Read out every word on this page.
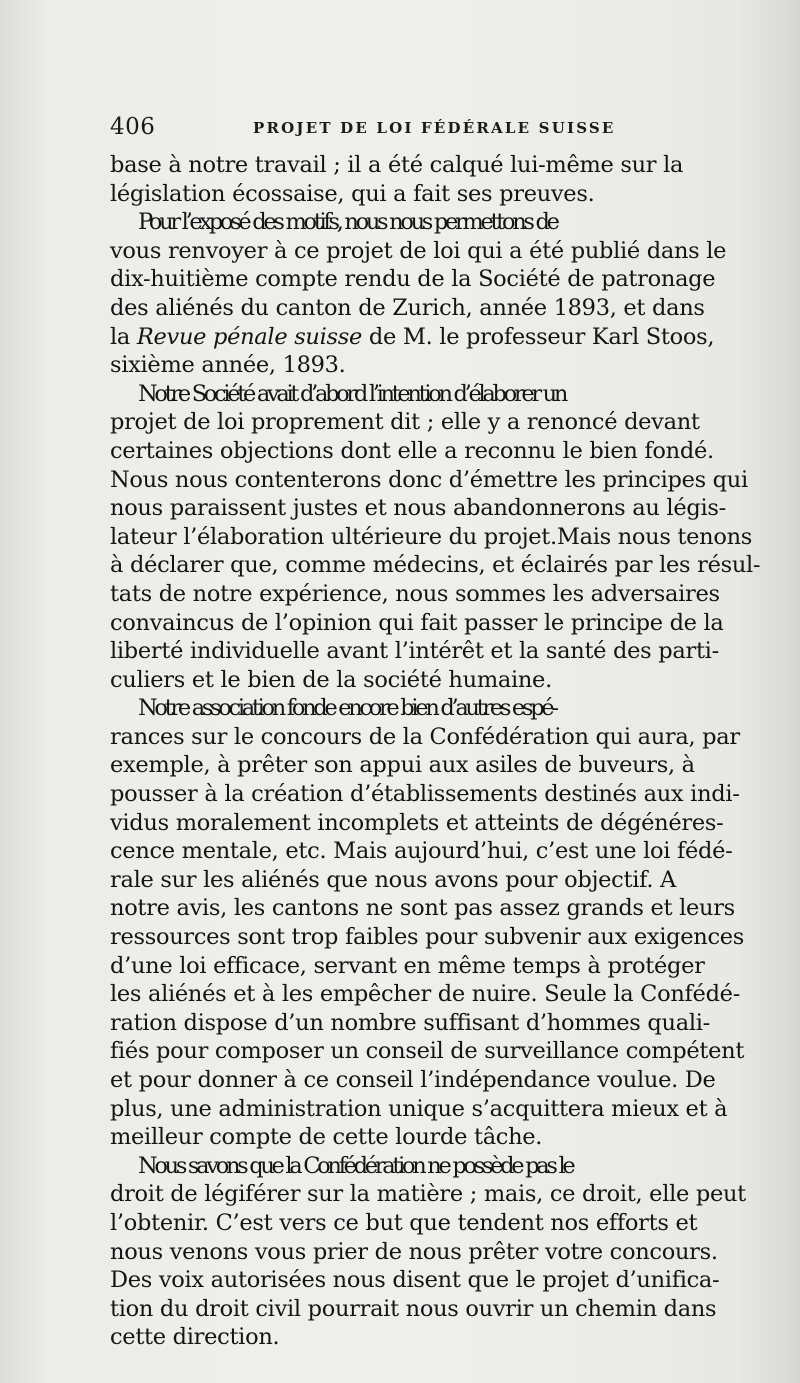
406	PROJET DE LOI FÉDÉRALE SUISSE

base à notre travail ; il a été calqué lui-même sur la
législation écossaise, qui a fait ses preuves.

Pour l’exposé des motifs, nous nous permettons de
vous renvoyer à ce projet de loi qui a été publié dans le
dix-huitième compte rendu de la Société de patronage
des aliénés du canton de Zurich, année 1893, et dans
la Revue pénale suisse de M. le professeur Karl Stoos,
sixième année, 1893.

Notre Société avait d’abord l’intention d’élaborer un
projet de loi proprement dit ; elle y a renoncé devant
certaines objections dont elle a reconnu le bien fondé.
Nous nous contenterons donc d’émettre les principes qui
nous paraissent justes et nous abandonnerons au légis-
lateur l’élaboration ultérieure du projet.Mais nous tenons
à déclarer que, comme médecins, et éclairés par les résul-
tats de notre expérience, nous sommes les adversaires
convaincus de l’opinion qui fait passer le principe de la
liberté individuelle avant l’intérêt et la santé des parti-
culiers et le bien de la société humaine.

Notre association fonde encore bien d’autres espé-
rances sur le concours de la Confédération qui aura, par
exemple, à prêter son appui aux asiles de buveurs, à
pousser à la création d’établissements destinés aux indi-
vidus moralement incomplets et atteints de dégénéres-
cence mentale, etc. Mais aujourd’hui, c’est une loi fédé-
rale sur les aliénés que nous avons pour objectif. A
notre avis, les cantons ne sont pas assez grands et leurs
ressources sont trop faibles pour subvenir aux exigences
d’une loi efficace, servant en même temps à protéger
les aliénés et à les empêcher de nuire. Seule la Confédé-
ration dispose d’un nombre suffisant d’hommes quali-
fiés pour composer un conseil de surveillance compétent
et pour donner à ce conseil l’indépendance voulue. De
plus, une administration unique s’acquittera mieux et à
meilleur compte de cette lourde tâche.

Nous savons que la Confédération ne possède pas le
droit de légiférer sur la matière ; mais, ce droit, elle peut
l’obtenir. C’est vers ce but que tendent nos efforts et
nous venons vous prier de nous prêter votre concours.
Des voix autorisées nous disent que le projet d’unifica-
tion du droit civil pourrait nous ouvrir un chemin dans
cette direction.
